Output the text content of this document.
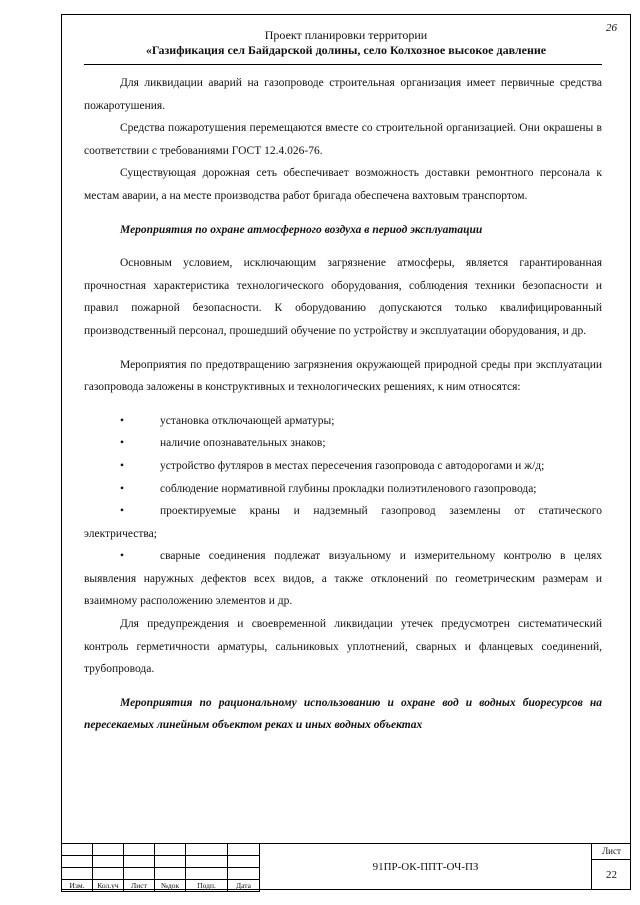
26
Проект планировки территории
«Газификация сел Байдарской долины, село Колхозное высокое давление

Для ликвидации аварий на газопроводе строительная организация имеет первичные средства пожаротушения.

Средства пожаротушения перемещаются вместе со строительной организацией. Они окрашены в соответствии с требованиями ГОСТ 12.4.026-76.

Существующая дорожная сеть обеспечивает возможность доставки ремонтного персонала к местам аварии, а на месте производства работ бригада обеспечена вахтовым транспортом.

Мероприятия по охране атмосферного воздуха в период эксплуатации

Основным условием, исключающим загрязнение атмосферы, является гарантированная прочностная характеристика технологического оборудования, соблюдения техники безопасности и правил пожарной безопасности. К оборудованию допускаются только квалифицированный производственный персонал, прошедший обучение по устройству и эксплуатации оборудования, и др.

Мероприятия по предотвращению загрязнения окружающей природной среды при эксплуатации газопровода заложены в конструктивных и технологических решениях, к ним относятся:

•	установка отключающей арматуры;
•	наличие опознавательных знаков;
•	устройство футляров в местах пересечения газопровода с автодорогами и ж/д;
•	соблюдение нормативной глубины прокладки полиэтиленового газопровода;
•	проектируемые краны и надземный газопровод заземлены от статического электричества;
•	сварные соединения подлежат визуальному и измерительному контролю в целях выявления наружных дефектов всех видов, а также отклонений по геометрическим размерам и взаимному расположению элементов и др.

Для предупреждения и своевременной ликвидации утечек предусмотрен систематический контроль герметичности арматуры, сальниковых уплотнений, сварных и фланцевых соединений, трубопровода.

Мероприятия по рациональному использованию и охране вод и водных биоресурсов на пересекаемых линейным объектом реках и иных водных объектах

Изм.	Кол.уч	Лист	№док	Подп.	Дата
91ПР-ОК-ППТ-ОЧ-ПЗ
Лист
22
